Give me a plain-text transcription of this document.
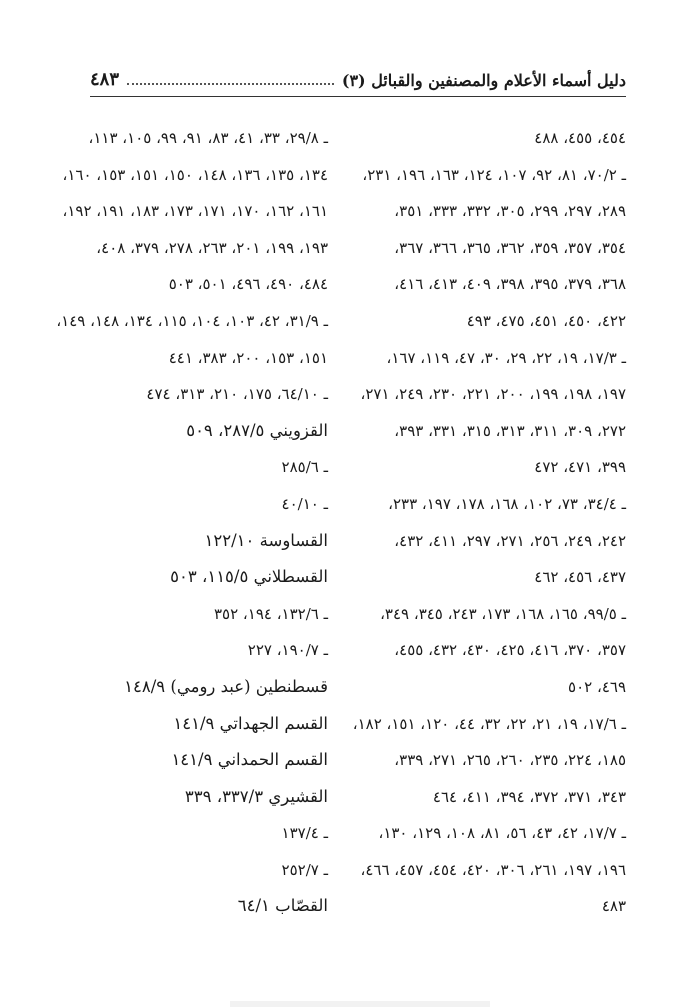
دليل أسماء الأعلام والمصنفين والقبائل (٣)
٤٨٣
٤٥٤، ٤٥٥، ٤٨٨
ـ ٧٠/٢، ٨١، ٩٢، ١٠٧، ١٢٤، ١٦٣، ١٩٦، ٢٣١،
٢٨٩، ٢٩٧، ٢٩٩، ٣٠٥، ٣٣٢، ٣٣٣، ٣٥١،
٣٥٤، ٣٥٧، ٣٥٩، ٣٦٢، ٣٦٥، ٣٦٦، ٣٦٧،
٣٦٨، ٣٧٩، ٣٩٥، ٣٩٨، ٤٠٩، ٤١٣، ٤١٦،
٤٢٢، ٤٥٠، ٤٥١، ٤٧٥، ٤٩٣
ـ ١٧/٣، ١٩، ٢٢، ٢٩، ٣٠، ٤٧، ١١٩، ١٦٧،
١٩٧، ١٩٨، ١٩٩، ٢٠٠، ٢٢١، ٢٣٠، ٢٤٩، ٢٧١،
٢٧٢، ٣٠٩، ٣١١، ٣١٣، ٣١٥، ٣٣١، ٣٩٣،
٣٩٩، ٤٧١، ٤٧٢
ـ ٣٤/٤، ٧٣، ١٠٢، ١٦٨، ١٧٨، ١٩٧، ٢٣٣،
٢٤٢، ٢٤٩، ٢٥٦، ٢٧١، ٢٩٧، ٤١١، ٤٣٢،
٤٣٧، ٤٥٦، ٤٦٢
ـ ٩٩/٥، ١٦٥، ١٦٨، ١٧٣، ٢٤٣، ٣٤٥، ٣٤٩،
٣٥٧، ٣٧٠، ٤١٦، ٤٢٥، ٤٣٠، ٤٣٢، ٤٥٥،
٤٦٩، ٥٠٢
ـ ١٧/٦، ١٩، ٢١، ٢٢، ٣٢، ٤٤، ١٢٠، ١٥١، ١٨٢،
١٨٥، ٢٢٤، ٢٣٥، ٢٦٠، ٢٦٥، ٢٧١، ٣٣٩،
٣٤٣، ٣٧١، ٣٧٢، ٣٩٤، ٤١١، ٤٦٤
ـ ١٧/٧، ٤٢، ٤٣، ٥٦، ٨١، ١٠٨، ١٢٩، ١٣٠،
١٩٦، ١٩٧، ٢٦١، ٣٠٦، ٤٢٠، ٤٥٤، ٤٥٧، ٤٦٦،
٤٨٣
ـ ٢٩/٨، ٣٣، ٤١، ٨٣، ٩١، ٩٩، ١٠٥، ١١٣،
١٣٤، ١٣٥، ١٣٦، ١٤٨، ١٥٠، ١٥١، ١٥٣، ١٦٠،
١٦١، ١٦٢، ١٧٠، ١٧١، ١٧٣، ١٨٣، ١٩١، ١٩٢،
١٩٣، ١٩٩، ٢٠١، ٢٦٣، ٢٧٨، ٣٧٩، ٤٠٨،
٤٨٤، ٤٩٠، ٤٩٦، ٥٠١، ٥٠٣
ـ ٣١/٩، ٤٢، ١٠٣، ١٠٤، ١١٥، ١٣٤، ١٤٨، ١٤٩،
١٥١، ١٥٣، ٢٠٠، ٣٨٣، ٤٤١
ـ ٦٤/١٠، ١٧٥، ٢١٠، ٣١٣، ٤٧٤
القزويني ٢٨٧/٥، ٥٠٩
ـ ٢٨٥/٦
ـ ٤٠/١٠
القساوسة ١٢٢/١٠
القسطلاني ١١٥/٥، ٥٠٣
ـ ١٣٢/٦، ١٩٤، ٣٥٢
ـ ١٩٠/٧، ٢٢٧
قسطنطين (عبد رومي) ١٤٨/٩
القسم الجهداتي ١٤١/٩
القسم الحمداني ١٤١/٩
القشيري ٣٣٧/٣، ٣٣٩
ـ ١٣٧/٤
ـ ٢٥٢/٧
القصّاب ٦٤/١
